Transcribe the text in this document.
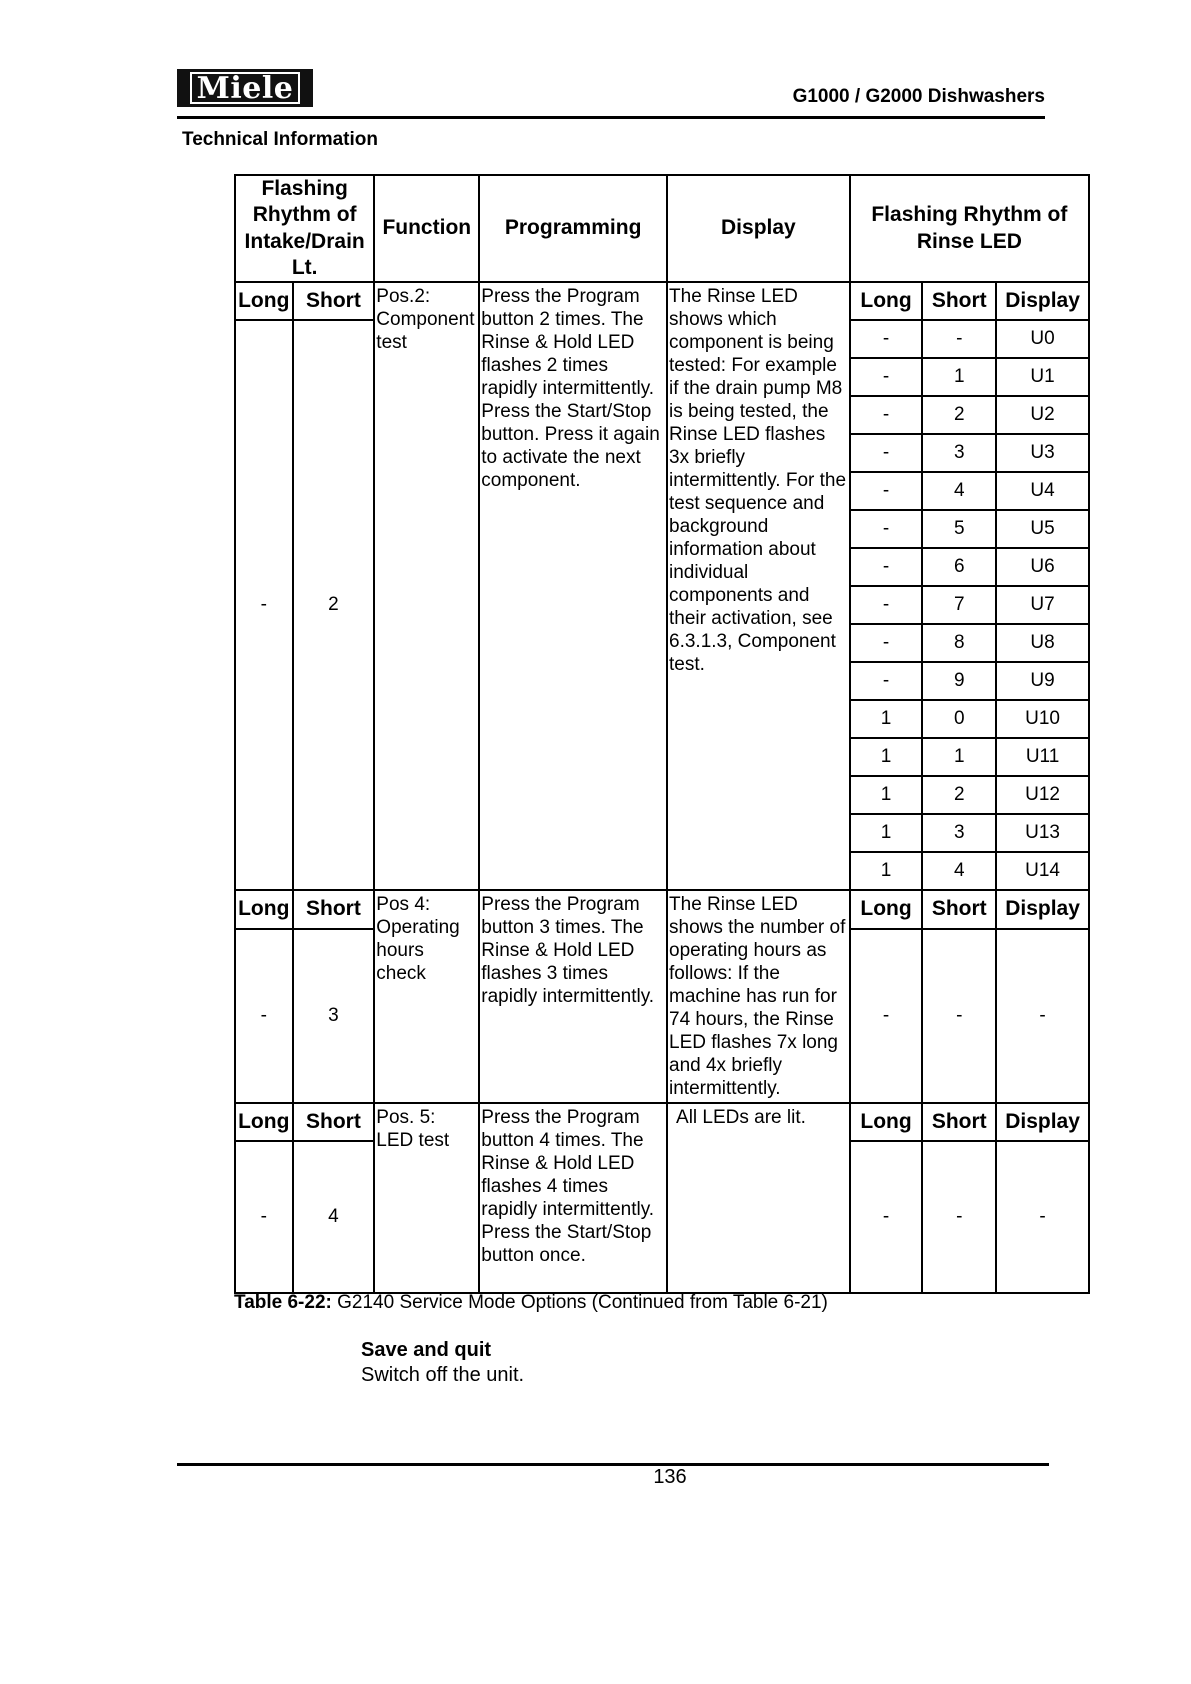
Miele	G1000 / G2000 Dishwashers
Technical Information
Flashing Rhythm of Intake/Drain Lt.		Function	Programming	Display	Flashing Rhythm of Rinse LED		
Long	Short	Pos.2: Component test	Press the Program button 2 times. The Rinse & Hold LED flashes 2 times rapidly intermittently. Press the Start/Stop button. Press it again to activate the next component.	The Rinse LED shows which component is being tested: For example if the drain pump M8 is being tested, the Rinse LED flashes 3x briefly intermittently. For the test sequence and background information about individual components and their activation, see 6.3.1.3, Component test.	Long	Short	Display
-	2				-	-	U0
					-	1	U1
					-	2	U2
					-	3	U3
					-	4	U4
					-	5	U5
					-	6	U6
					-	7	U7
					-	8	U8
					-	9	U9
					1	0	U10
					1	1	U11
					1	2	U12
					1	3	U13
					1	4	U14
Long	Short	Pos 4: Operating hours check	Press the Program button 3 times. The Rinse & Hold LED flashes 3 times rapidly intermittently.	The Rinse LED shows the number of operating hours as follows: If the machine has run for 74 hours, the Rinse LED flashes 7x long and 4x briefly intermittently.	Long	Short	Display
-	3				-	-	-
Long	Short	Pos. 5: LED test	Press the Program button 4 times. The Rinse & Hold LED flashes 4 times rapidly intermittently. Press the Start/Stop button once.	All LEDs are lit.	Long	Short	Display
-	4				-	-	-
Table 6-22: G2140 Service Mode Options (Continued from Table 6-21)
Save and quit
Switch off the unit.
136
